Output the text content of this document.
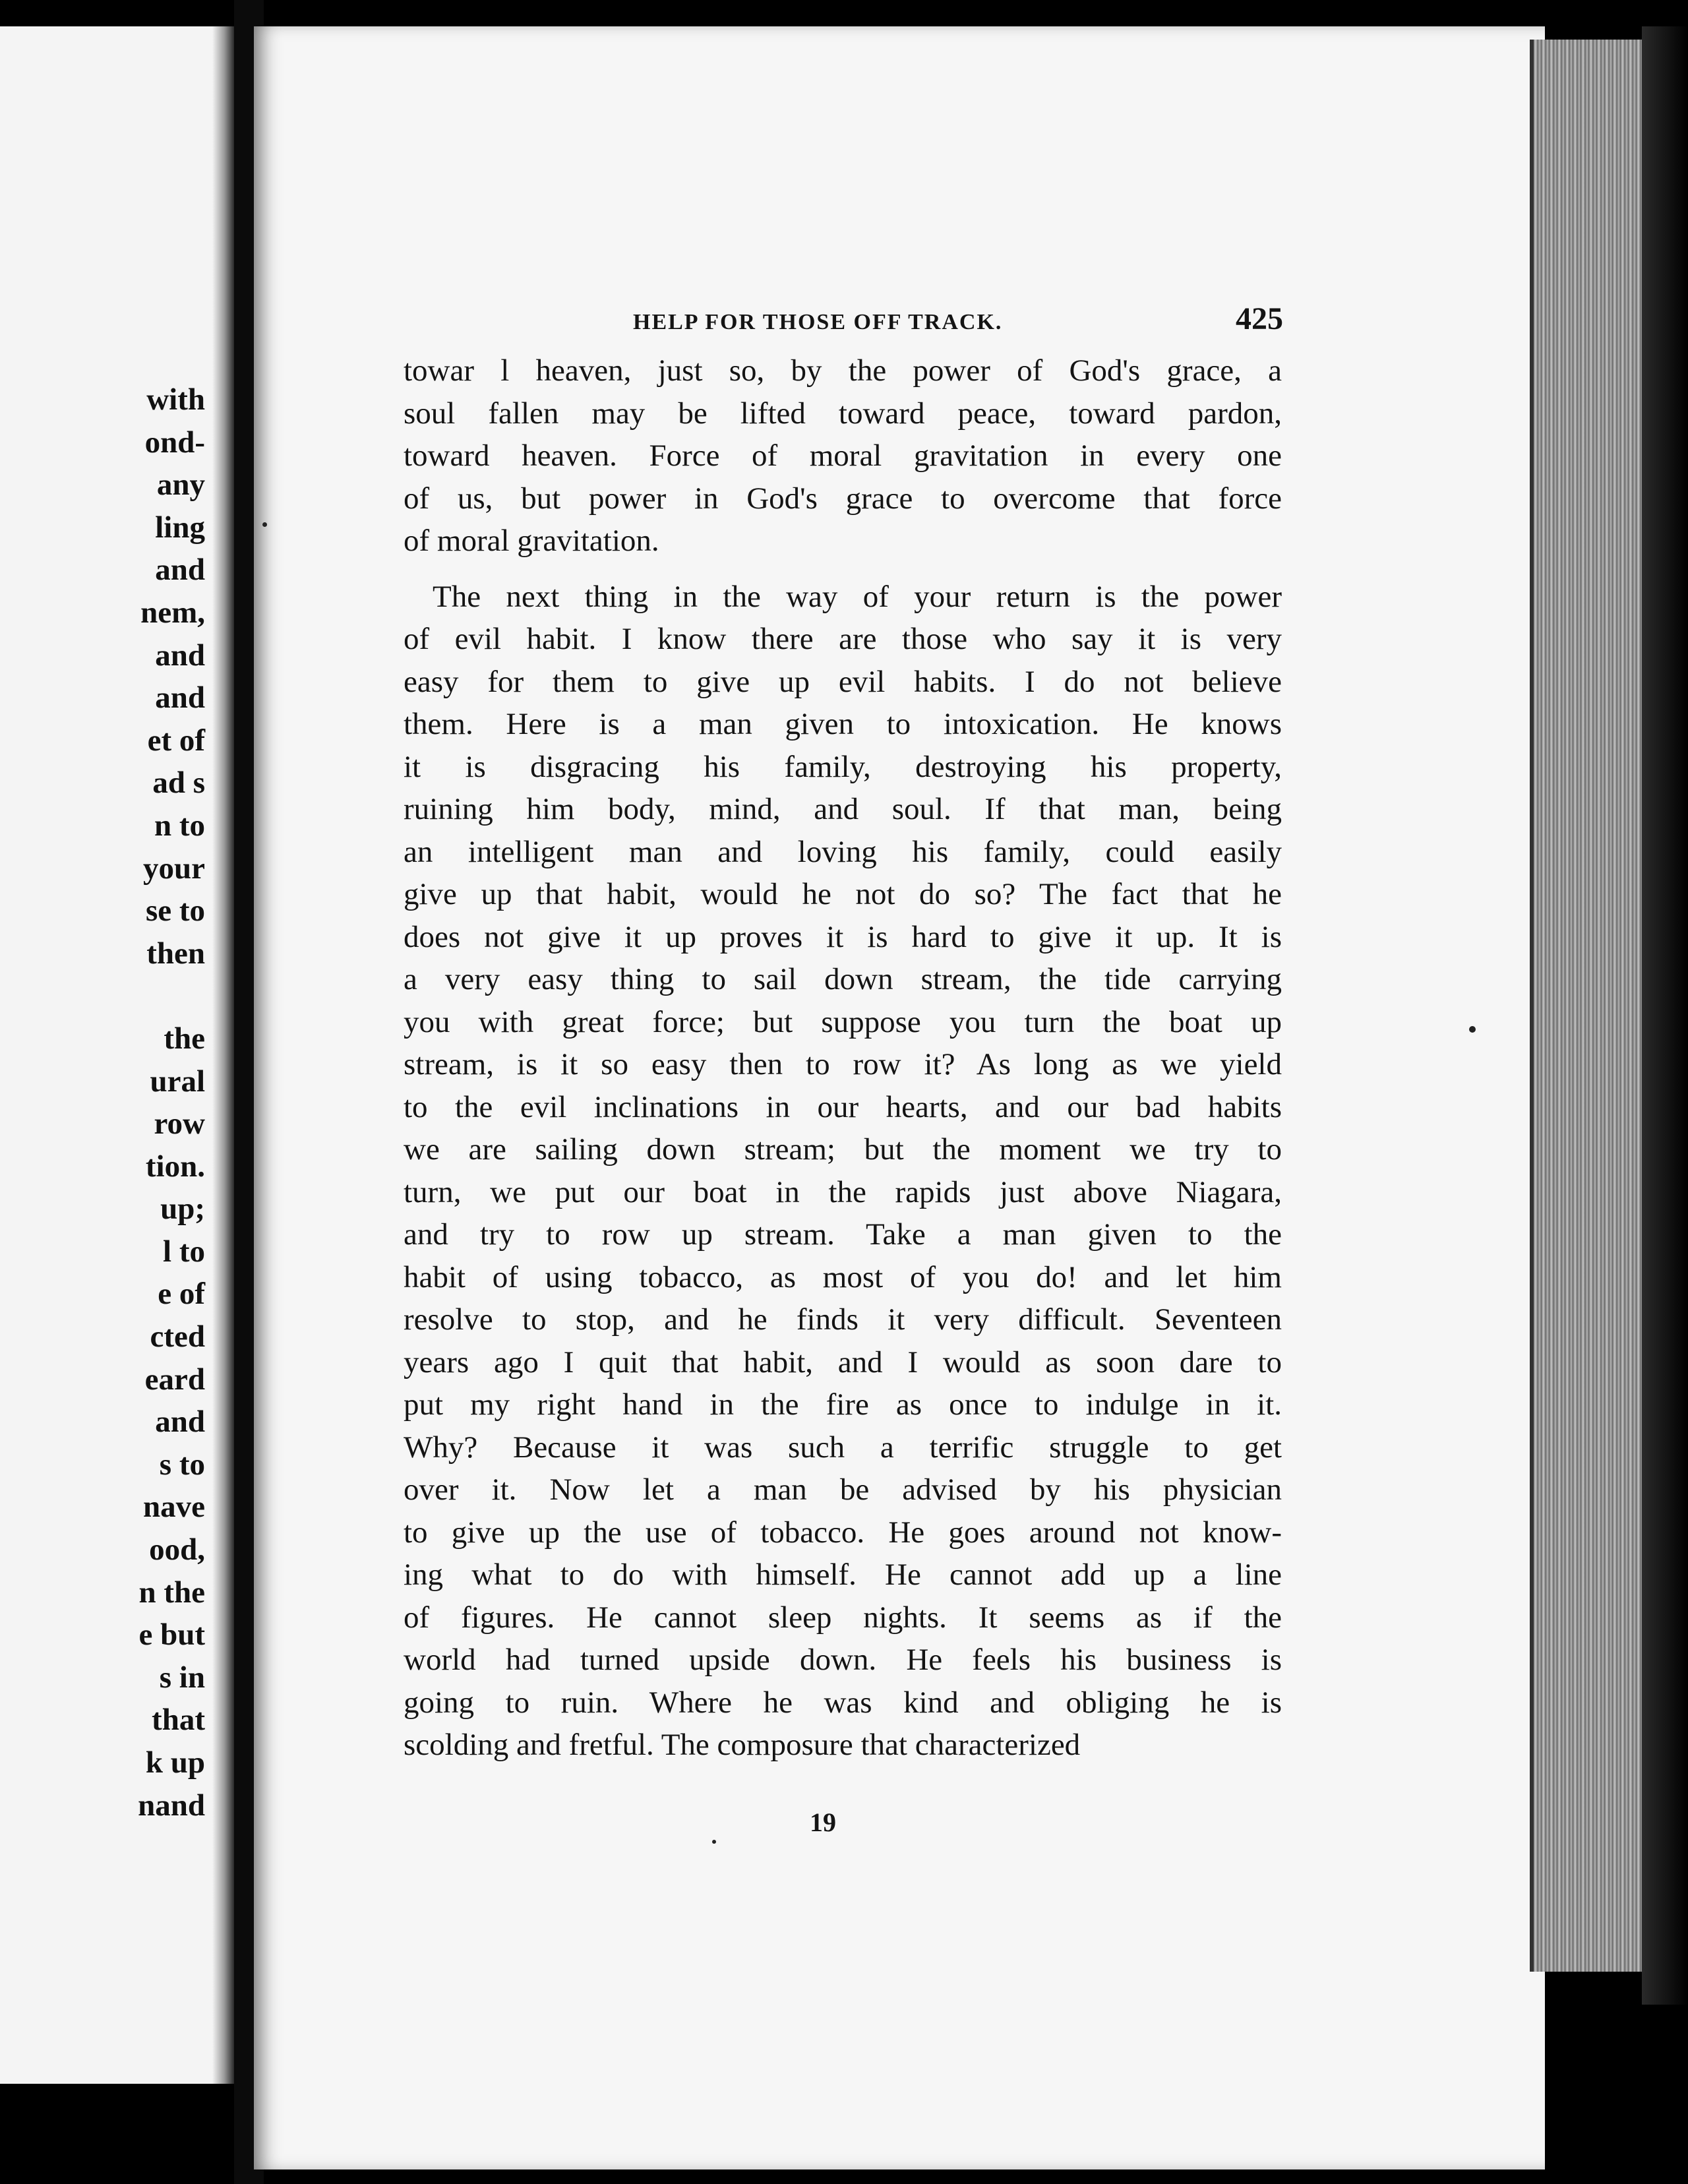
with
ond-
any
ling
and
nem,
and
and
et of
ad s
n to
your
se to
then

the
ural
row
tion.
up;
l to
e of
cted
eard
and
s to
nave
ood,
n the
e but
s in
that
k up
nand
HELP FOR THOSE OFF TRACK.	425
towar l heaven, just so, by the power of God's grace, a
soul fallen may be lifted toward peace, toward pardon,
toward heaven. Force of moral gravitation in every one
of us, but power in God's grace to overcome that force
of moral gravitation.
The next thing in the way of your return is the power
of evil habit. I know there are those who say it is very
easy for them to give up evil habits. I do not believe
them. Here is a man given to intoxication. He knows
it is disgracing his family, destroying his property,
ruining him body, mind, and soul. If that man, being
an intelligent man and loving his family, could easily
give up that habit, would he not do so? The fact that he
does not give it up proves it is hard to give it up. It is
a very easy thing to sail down stream, the tide carrying
you with great force; but suppose you turn the boat up
stream, is it so easy then to row it? As long as we yield
to the evil inclinations in our hearts, and our bad habits
we are sailing down stream; but the moment we try to
turn, we put our boat in the rapids just above Niagara,
and try to row up stream. Take a man given to the
habit of using tobacco, as most of you do! and let him
resolve to stop, and he finds it very difficult. Seventeen
years ago I quit that habit, and I would as soon dare to
put my right hand in the fire as once to indulge in it.
Why? Because it was such a terrific struggle to get
over it. Now let a man be advised by his physician
to give up the use of tobacco. He goes around not know-
ing what to do with himself. He cannot add up a line
of figures. He cannot sleep nights. It seems as if the
world had turned upside down. He feels his business is
going to ruin. Where he was kind and obliging he is
scolding and fretful. The composure that characterized
19
